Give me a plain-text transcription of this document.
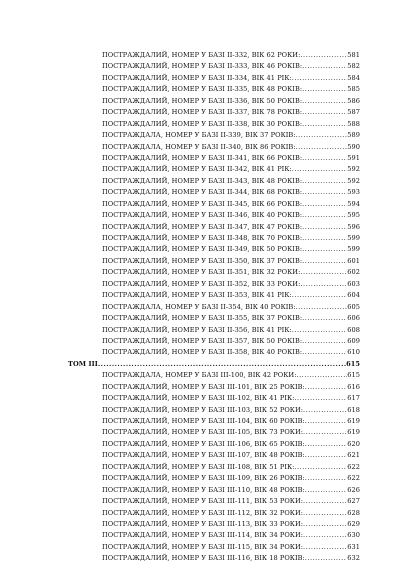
ПОСТРАЖДАЛИЙ, НОМЕР У БАЗІ ІІ-332, ВІК 62 РОКИ: .....	581
ПОСТРАЖДАЛИЙ, НОМЕР У БАЗІ ІІ-333, ВІК 46 РОКІВ: .....	582
ПОСТРАЖДАЛИЙ, НОМЕР У БАЗІ ІІ-334, ВІК 41 РІК: .....	584
ПОСТРАЖДАЛИЙ, НОМЕР У БАЗІ ІІ-335, ВІК 48 РОКІВ: .....	585
ПОСТРАЖДАЛИЙ, НОМЕР У БАЗІ ІІ-336, ВІК 50 РОКІВ: .....	586
ПОСТРАЖДАЛИЙ, НОМЕР У БАЗІ ІІ-337, ВІК 78 РОКІВ: .....	587
ПОСТРАЖДАЛИЙ, НОМЕР У БАЗІ ІІ-338, ВІК 30 РОКІВ: .....	588
ПОСТРАЖДАЛА, НОМЕР У БАЗІ ІІ-339, ВІК 37 РОКІВ: .....	589
ПОСТРАЖДАЛА, НОМЕР У БАЗІ ІІ-340, ВІК 86 РОКІВ: .....	590
ПОСТРАЖДАЛИЙ, НОМЕР У БАЗІ ІІ-341, ВІК 66 РОКІВ: .....	591
ПОСТРАЖДАЛИЙ, НОМЕР У БАЗІ ІІ-342, ВІК 41 РІК: .....	592
ПОСТРАЖДАЛИЙ, НОМЕР У БАЗІ ІІ-343, ВІК 48 РОКІВ: .....	592
ПОСТРАЖДАЛИЙ, НОМЕР У БАЗІ ІІ-344, ВІК 68 РОКІВ: .....	593
ПОСТРАЖДАЛИЙ, НОМЕР У БАЗІ ІІ-345, ВІК 66 РОКІВ: .....	594
ПОСТРАЖДАЛИЙ, НОМЕР У БАЗІ ІІ-346, ВІК 40 РОКІВ: .....	595
ПОСТРАЖДАЛИЙ, НОМЕР У БАЗІ ІІ-347, ВІК 47 РОКІВ: .....	596
ПОСТРАЖДАЛИЙ, НОМЕР У БАЗІ ІІ-348, ВІК 70 РОКІВ: .....	599
ПОСТРАЖДАЛИЙ, НОМЕР У БАЗІ ІІ-349, ВІК 50 РОКІВ: .....	599
ПОСТРАЖДАЛИЙ, НОМЕР У БАЗІ ІІ-350, ВІК 37 РОКІВ: .....	601
ПОСТРАЖДАЛИЙ, НОМЕР У БАЗІ ІІ-351, ВІК 32 РОКИ: .....	602
ПОСТРАЖДАЛИЙ, НОМЕР У БАЗІ ІІ-352, ВІК 33 РОКИ: .....	603
ПОСТРАЖДАЛИЙ, НОМЕР У БАЗІ ІІ-353, ВІК 41 РІК: .....	604
ПОСТРАЖДАЛА, НОМЕР У БАЗІ ІІ-354, ВІК 40 РОКІВ: .....	605
ПОСТРАЖДАЛИЙ, НОМЕР У БАЗІ ІІ-355, ВІК 37 РОКІВ: .....	606
ПОСТРАЖДАЛИЙ, НОМЕР У БАЗІ ІІ-356, ВІК 41 РІК: .....	608
ПОСТРАЖДАЛИЙ, НОМЕР У БАЗІ ІІ-357, ВІК 50 РОКІВ: .....	609
ПОСТРАЖДАЛИЙ, НОМЕР У БАЗІ ІІ-358, ВІК 40 РОКІВ: .....	610
ТОМ ІІІ .....	615
ПОСТРАЖДАЛА, НОМЕР У БАЗІ ІІІ-100, ВІК 42 РОКИ: .....	615
ПОСТРАЖДАЛИЙ, НОМЕР У БАЗІ ІІІ-101, ВІК 25 РОКІВ: .....	616
ПОСТРАЖДАЛИЙ, НОМЕР У БАЗІ ІІІ-102, ВІК 41 РІК: .....	617
ПОСТРАЖДАЛИЙ, НОМЕР У БАЗІ ІІІ-103, ВІК 52 РОКИ: .....	618
ПОСТРАЖДАЛИЙ, НОМЕР У БАЗІ ІІІ-104, ВІК 60 РОКІВ: .....	619
ПОСТРАЖДАЛИЙ, НОМЕР У БАЗІ ІІІ-105, ВІК 73 РОКИ: .....	619
ПОСТРАЖДАЛИЙ, НОМЕР У БАЗІ ІІІ-106, ВІК 65 РОКІВ: .....	620
ПОСТРАЖДАЛИЙ, НОМЕР У БАЗІ ІІІ-107, ВІК 48 РОКІВ: .....	621
ПОСТРАЖДАЛИЙ, НОМЕР У БАЗІ ІІІ-108, ВІК 51 РІК: .....	622
ПОСТРАЖДАЛИЙ, НОМЕР У БАЗІ ІІІ-109, ВІК 26 РОКІВ: .....	622
ПОСТРАЖДАЛИЙ, НОМЕР У БАЗІ ІІІ-110, ВІК 48 РОКІВ: .....	626
ПОСТРАЖДАЛИЙ, НОМЕР У БАЗІ ІІІ-111, ВІК 53 РОКИ: .....	627
ПОСТРАЖДАЛИЙ, НОМЕР У БАЗІ ІІІ-112, ВІК 32 РОКИ: .....	628
ПОСТРАЖДАЛИЙ, НОМЕР У БАЗІ ІІІ-113, ВІК 33 РОКИ: .....	629
ПОСТРАЖДАЛИЙ, НОМЕР У БАЗІ ІІІ-114, ВІК 34 РОКИ: .....	630
ПОСТРАЖДАЛИЙ, НОМЕР У БАЗІ ІІІ-115, ВІК 34 РОКИ: .....	631
ПОСТРАЖДАЛИЙ, НОМЕР У БАЗІ ІІІ-116, ВІК 18 РОКІВ: .....	632
